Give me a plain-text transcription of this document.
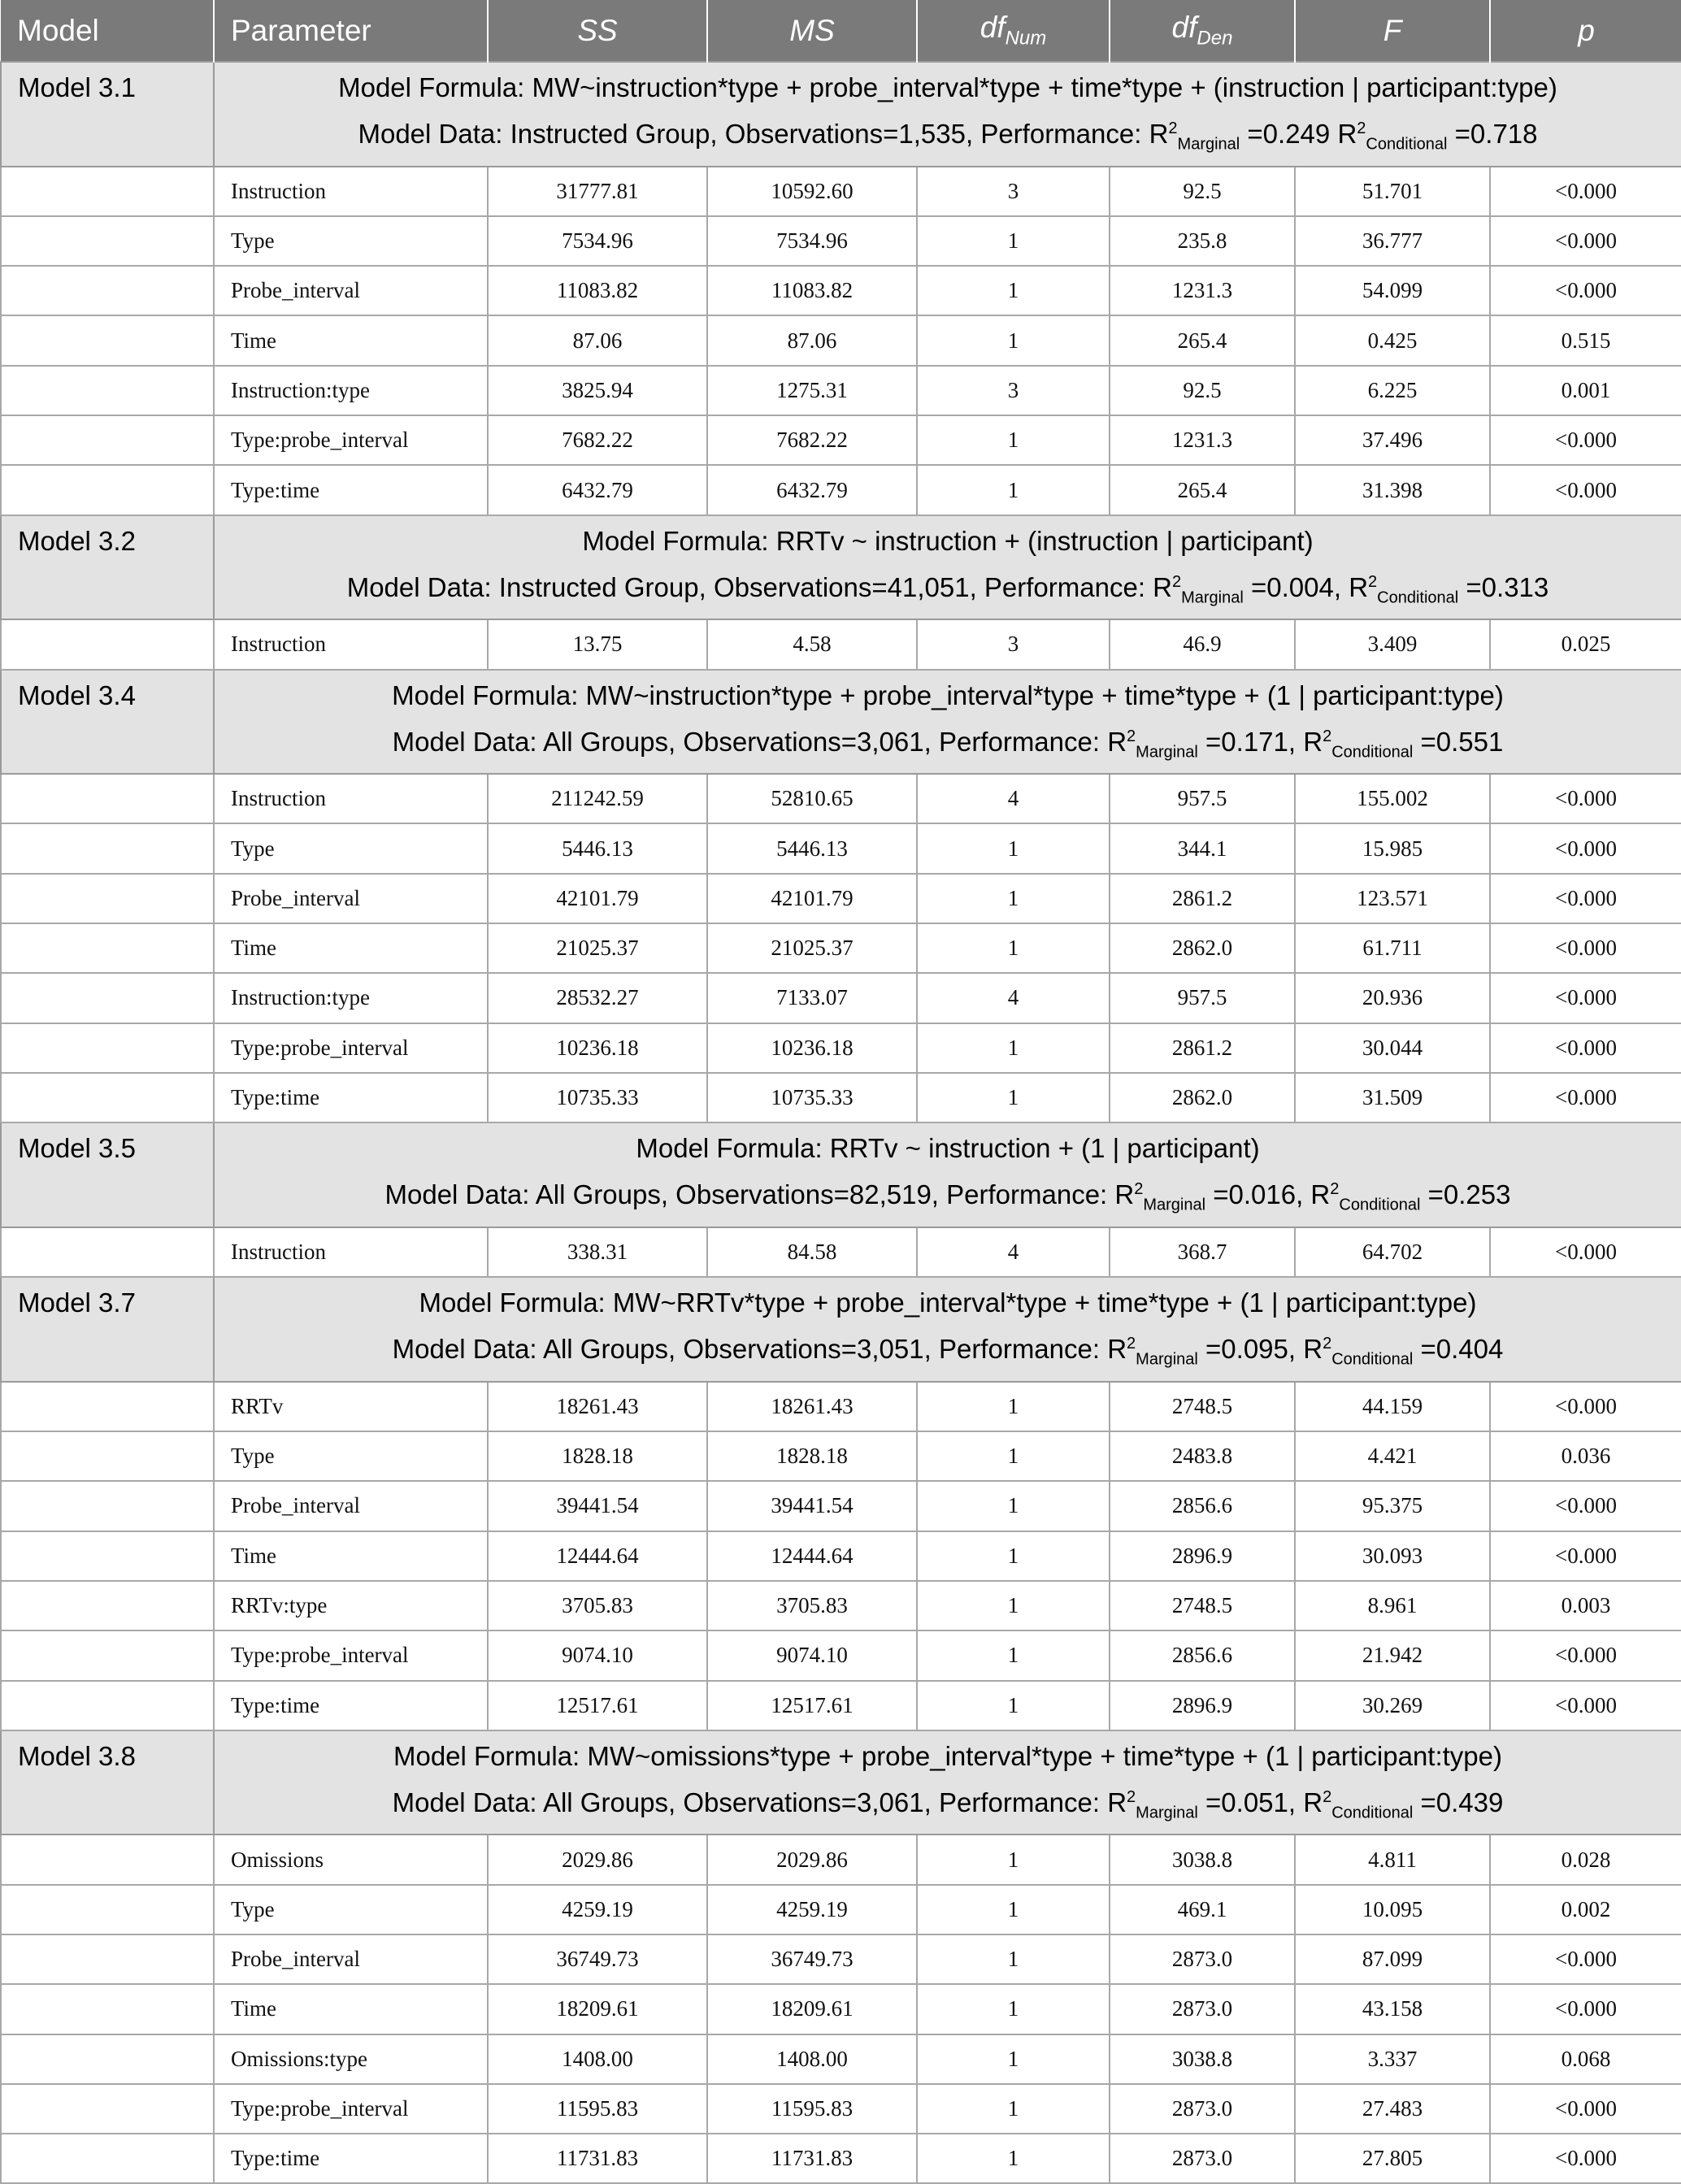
Model	Parameter	SS	MS	$df_{Num}$	$df_{Den}$	F	p
Model 3.1	Model Formula: MW~instruction*type + probe_interval*type + time*type + (instruction | participant:type)
Model Data: Instructed Group, Observations=1,535, Performance: $R^2_{Marginal} =0.249$ $R^2_{Conditional} =0.718$						

	Instruction	31777.81	10592.60	3	92.5	51.701	<0.000
	Type	7534.96	7534.96	1	235.8	36.777	<0.000
	Probe_interval	11083.82	11083.82	1	1231.3	54.099	<0.000
	Time	87.06	87.06	1	265.4	0.425	0.515
	Instruction:type	3825.94	1275.31	3	92.5	6.225	0.001
	Type:probe_interval	7682.22	7682.22	1	1231.3	37.496	<0.000
	Type:time	6432.79	6432.79	1	265.4	31.398	<0.000
Model 3.2	Model Formula: RRTv ~ instruction + (instruction | participant)
Model Data: Instructed Group, Observations=41,051, Performance: $R^2_{Marginal} =0.004$, $R^2_{Conditional} =0.313$						

	Instruction	13.75	4.58	3	46.9	3.409	0.025
Model 3.4	Model Formula: MW~instruction*type + probe_interval*type + time*type + (1 | participant:type)
Model Data: All Groups, Observations=3,061, Performance: $R^2_{Marginal} =0.171$, $R^2_{Conditional} =0.551$						

	Instruction	211242.59	52810.65	4	957.5	155.002	<0.000
	Type	5446.13	5446.13	1	344.1	15.985	<0.000
	Probe_interval	42101.79	42101.79	1	2861.2	123.571	<0.000
	Time	21025.37	21025.37	1	2862.0	61.711	<0.000
	Instruction:type	28532.27	7133.07	4	957.5	20.936	<0.000
	Type:probe_interval	10236.18	10236.18	1	2861.2	30.044	<0.000
	Type:time	10735.33	10735.33	1	2862.0	31.509	<0.000
Model 3.5	Model Formula: RRTv ~ instruction + (1 | participant)
Model Data: All Groups, Observations=82,519, Performance: $R^2_{Marginal} =0.016$, $R^2_{Conditional} =0.253$						

	Instruction	338.31	84.58	4	368.7	64.702	<0.000
Model 3.7	Model Formula: MW~RRTv*type + probe_interval*type + time*type + (1 | participant:type)
Model Data: All Groups, Observations=3,051, Performance: $R^2_{Marginal} =0.095$, $R^2_{Conditional} =0.404$						

	RRTv	18261.43	18261.43	1	2748.5	44.159	<0.000
	Type	1828.18	1828.18	1	2483.8	4.421	0.036
	Probe_interval	39441.54	39441.54	1	2856.6	95.375	<0.000
	Time	12444.64	12444.64	1	2896.9	30.093	<0.000
	RRTv:type	3705.83	3705.83	1	2748.5	8.961	0.003
	Type:probe_interval	9074.10	9074.10	1	2856.6	21.942	<0.000
	Type:time	12517.61	12517.61	1	2896.9	30.269	<0.000
Model 3.8	Model Formula: MW~omissions*type + probe_interval*type + time*type + (1 | participant:type)
Model Data: All Groups, Observations=3,061, Performance: $R^2_{Marginal} =0.051$, $R^2_{Conditional} =0.439$						

	Omissions	2029.86	2029.86	1	3038.8	4.811	0.028
	Type	4259.19	4259.19	1	469.1	10.095	0.002
	Probe_interval	36749.73	36749.73	1	2873.0	87.099	<0.000
	Time	18209.61	18209.61	1	2873.0	43.158	<0.000
	Omissions:type	1408.00	1408.00	1	3038.8	3.337	0.068
	Type:probe_interval	11595.83	11595.83	1	2873.0	27.483	<0.000
	Type:time	11731.83	11731.83	1	2873.0	27.805	<0.000
